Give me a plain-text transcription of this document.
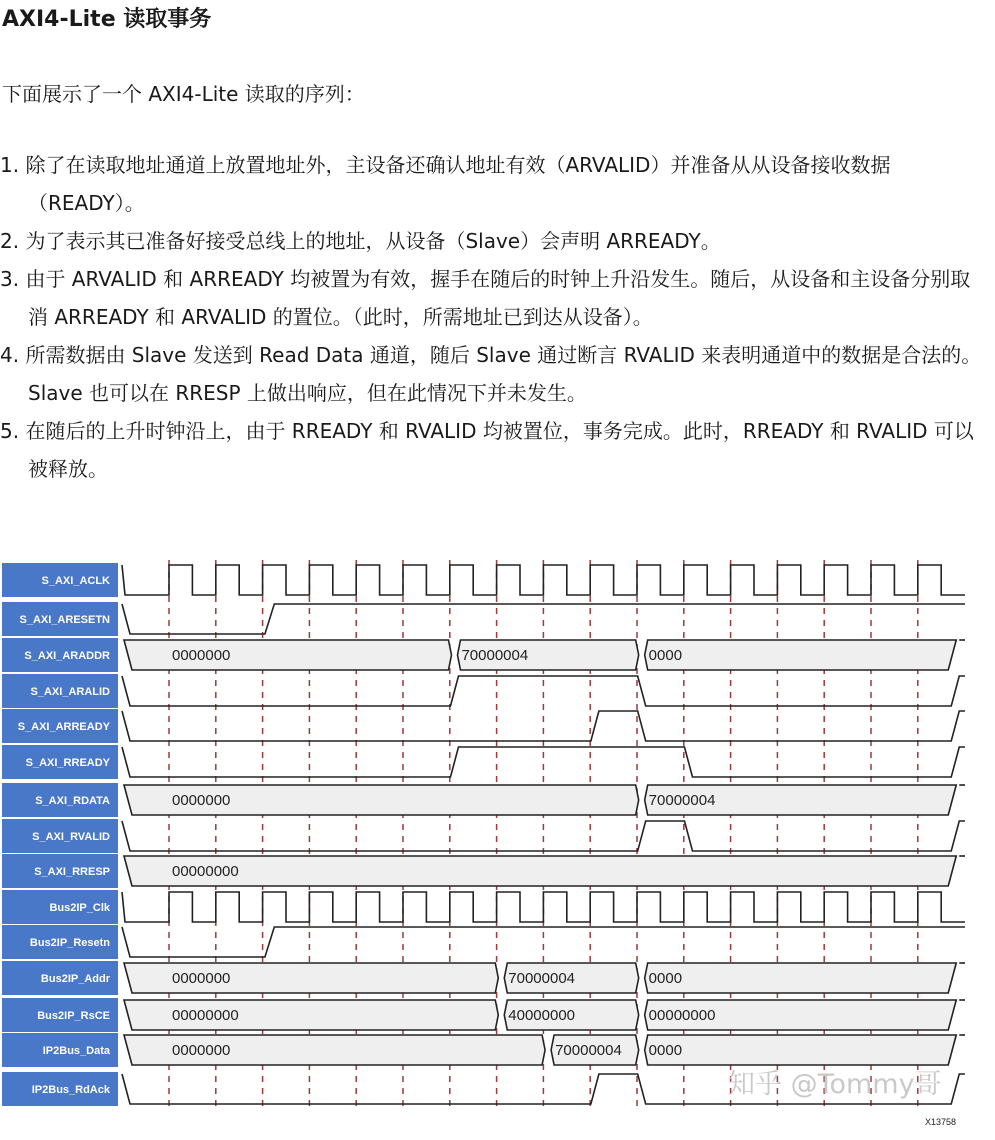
AXI4-Lite 读取事务
下面展示了一个 AXI4-Lite 读取的序列：
1. 除了在读取地址通道上放置地址外，主设备还确认地址有效（ARVALID）并准备从从设备接收数据（READY）。
2. 为了表示其已准备好接受总线上的地址，从设备（Slave）会声明 ARREADY。
3. 由于 ARVALID 和 ARREADY 均被置为有效，握手在随后的时钟上升沿发生。随后，从设备和主设备分别取消 ARREADY 和 ARVALID 的置位。（此时，所需地址已到达从设备）。
4. 所需数据由 Slave 发送到 Read Data 通道，随后 Slave 通过断言 RVALID 来表明通道中的数据是合法的。Slave 也可以在 RRESP 上做出响应，但在此情况下并未发生。
5. 在随后的上升时钟沿上，由于 RREADY 和 RVALID 均被置位，事务完成。此时，RREADY 和 RVALID 可以被释放。
S_AXI_ACLK
S_AXI_ARESETN
S_AXI_ARADDR	0000000	70000004	0000
S_AXI_ARALID
S_AXI_ARREADY
S_AXI_RREADY
S_AXI_RDATA	0000000	70000004
S_AXI_RVALID
S_AXI_RRESP	00000000
Bus2IP_Clk
Bus2IP_Resetn
Bus2IP_Addr	0000000	70000004	0000
Bus2IP_RsCE	00000000	40000000	00000000
IP2Bus_Data	0000000	70000004 0000
IP2Bus_RdAck	知乎 @Tommy哥
X13758
